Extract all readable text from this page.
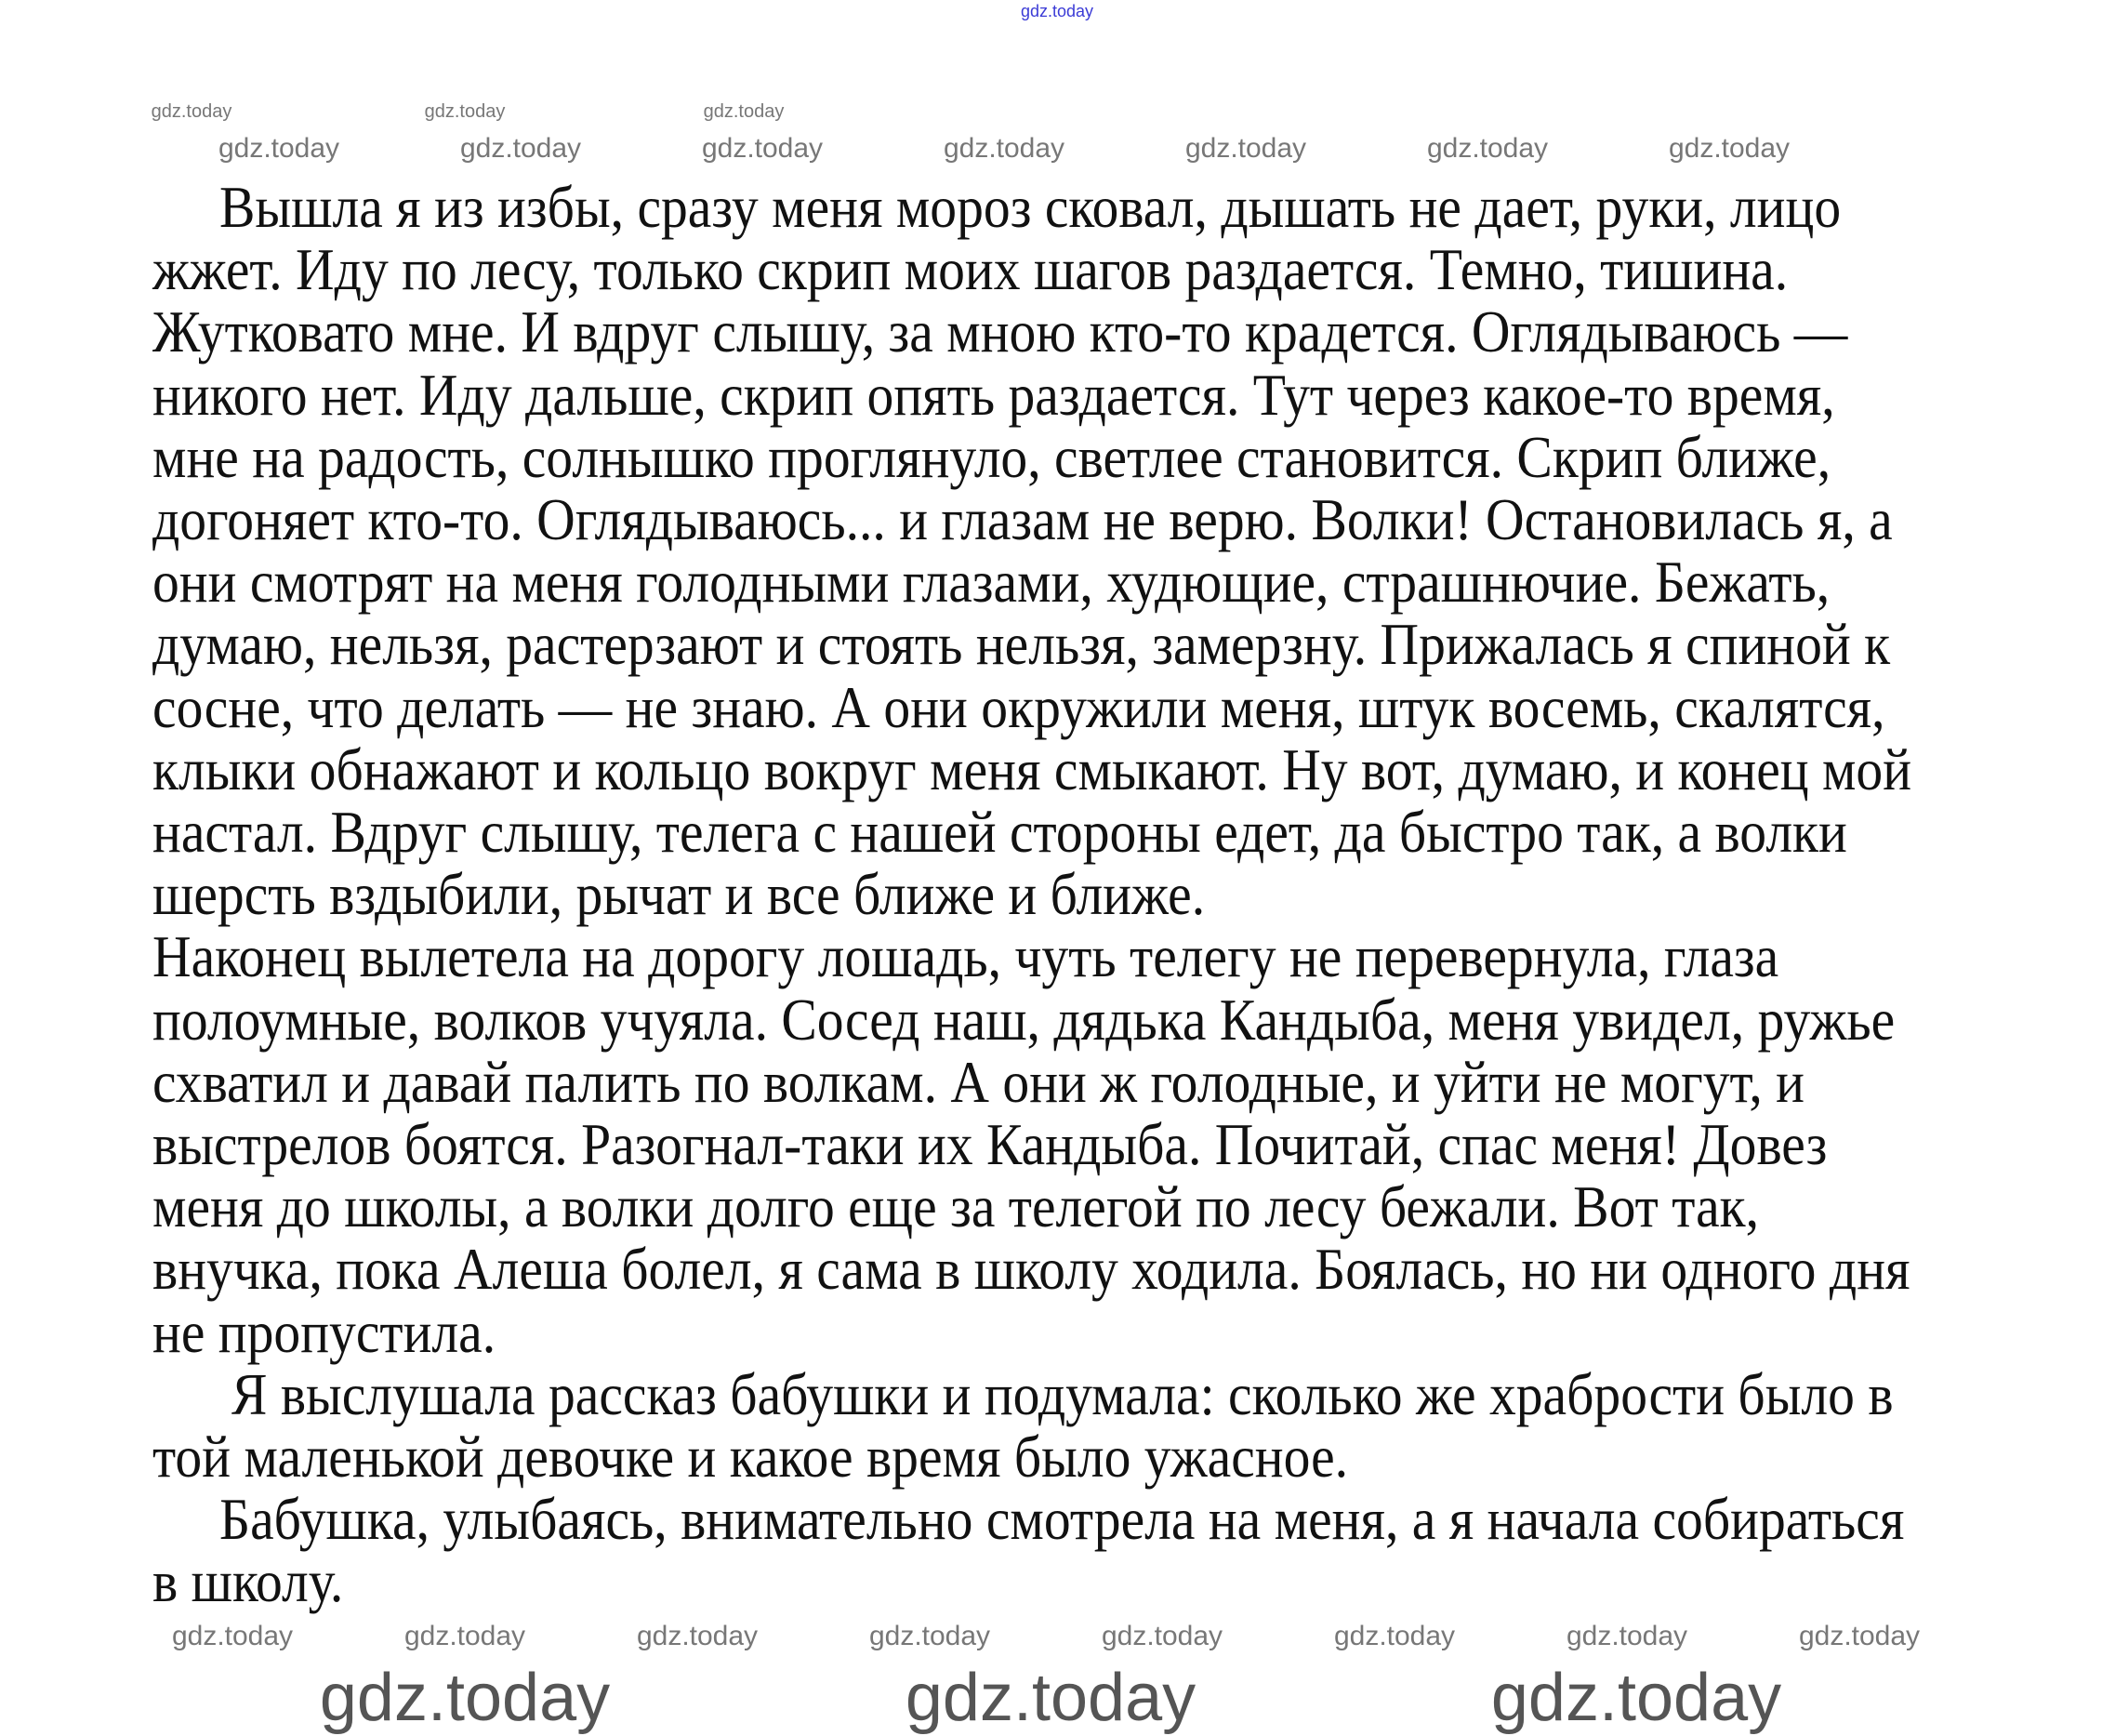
Вышла я из избы, сразу меня мороз сковал, дышать не дает, руки, лицо
жжет. Иду по лесу, только скрип моих шагов раздается. Темно, тишина.
Жутковато мне. И вдруг слышу, за мною кто-то крадется. Оглядываюсь —
никого нет. Иду дальше, скрип опять раздается. Тут через какое-то время,
мне на радость, солнышко проглянуло, светлее становится. Скрип ближе,
догоняет кто-то. Оглядываюсь... и глазам не верю. Волки! Остановилась я, а
они смотрят на меня голодными глазами, худющие, страшнючие. Бежать,
думаю, нельзя, растерзают и стоять нельзя, замерзну. Прижалась я спиной к
сосне, что делать — не знаю. А они окружили меня, штук восемь, скалятся,
клыки обнажают и кольцо вокруг меня смыкают. Ну вот, думаю, и конец мой
настал. Вдруг слышу, телега с нашей стороны едет, да быстро так, а волки
шерсть вздыбили, рычат и все ближе и ближе.
Наконец вылетела на дорогу лошадь, чуть телегу не перевернула, глаза
полоумные, волков учуяла. Сосед наш, дядька Кандыба, меня увидел, ружье
схватил и давай палить по волкам. А они ж голодные, и уйти не могут, и
выстрелов боятся. Разогнал-таки их Кандыба. Почитай, спас меня! Довез
меня до школы, а волки долго еще за телегой по лесу бежали. Вот так,
внучка, пока Алеша болел, я сама в школу ходила. Боялась, но ни одного дня
не пропустила.
Я выслушала рассказ бабушки и подумала: сколько же храбрости было в
той маленькой девочке и какое время было ужасное.
Бабушка, улыбаясь, внимательно смотрела на меня, а я начала собираться
в школу.
gdz.today
gdz.today	gdz.today	gdz.today
gdz.today	gdz.today	gdz.today	gdz.today	gdz.today	gdz.today	gdz.today
gdz.today	gdz.today	gdz.today	gdz.today	gdz.today	gdz.today	gdz.today	gdz.today
gdz.today	gdz.today	gdz.today
